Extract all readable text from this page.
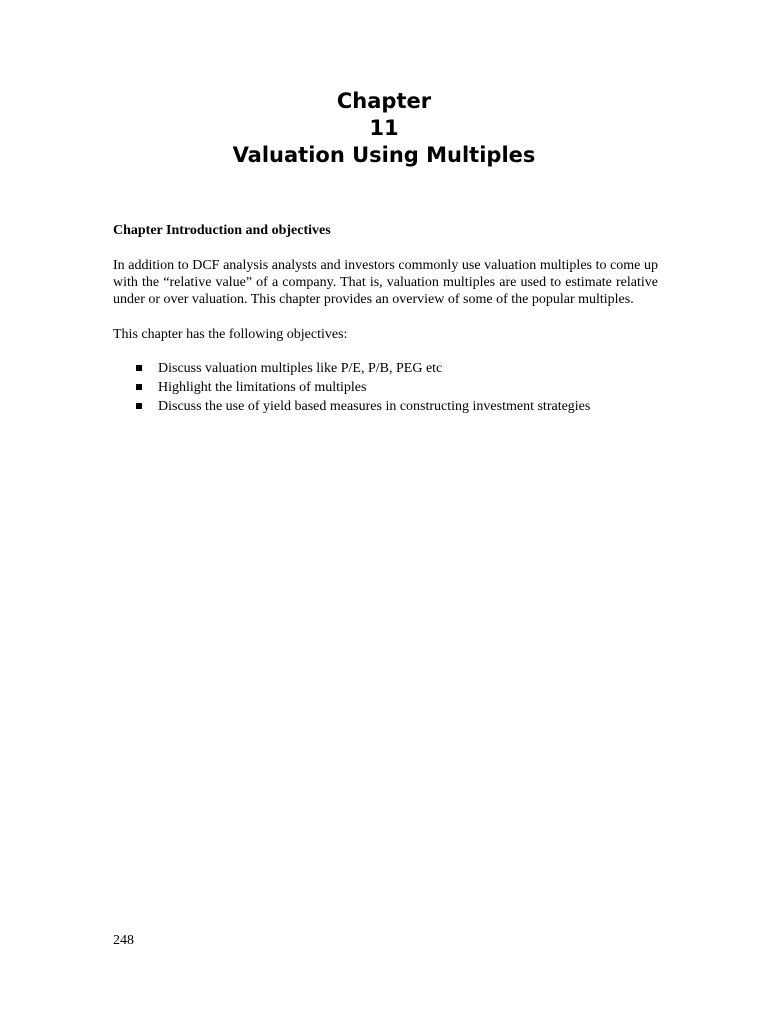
Chapter
11
Valuation Using Multiples
Chapter Introduction and objectives
In addition to DCF analysis analysts and investors commonly use valuation multiples to come up with the “relative value” of a company. That is, valuation multiples are used to estimate relative under or over valuation. This chapter provides an overview of some of the popular multiples.
This chapter has the following objectives:
Discuss valuation multiples like P/E, P/B, PEG etc
Highlight the limitations of multiples
Discuss the use of yield based measures in constructing investment strategies
248
